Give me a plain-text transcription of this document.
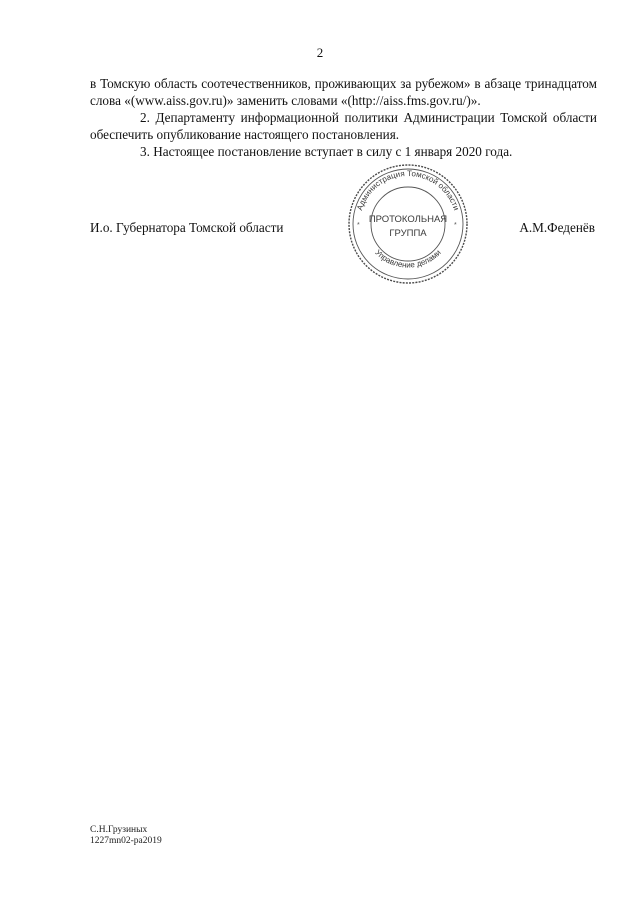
2

в Томскую область соотечественников, проживающих за рубежом» в абзаце тринадцатом слова «(www.aiss.gov.ru)» заменить словами «(http://aiss.fms.gov.ru/)».

2. Департаменту информационной политики Администрации Томской области обеспечить опубликование настоящего постановления.

3. Настоящее постановление вступает в силу с 1 января 2020 года.

И.о. Губернатора Томской области
Администрация Томской области
Управление делами
*	*
ПРОТОКОЛЬНАЯ
ГРУППА	А.М.Феденёв
С.Н.Грузиных
1227mn02-pa2019
